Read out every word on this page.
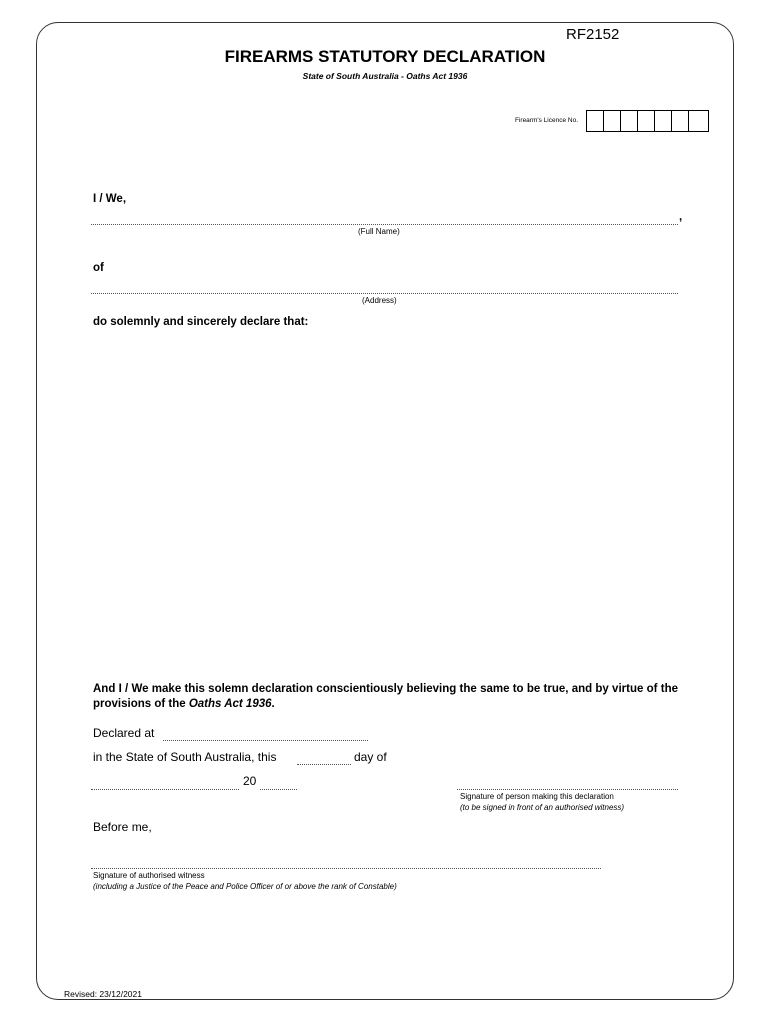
RF2152
FIREARMS STATUTORY DECLARATION
State of South Australia - Oaths Act 1936
Firearm's Licence No.
I / We,
,
(Full Name)
of
(Address)
do solemnly and sincerely declare that:
And I / We make this solemn declaration conscientiously believing the same to be true, and by virtue of the provisions of the Oaths Act 1936.
Declared at
in the State of South Australia, this	day of
20
Signature of person making this declaration
(to be signed in front of an authorised witness)
Before me,
Signature of authorised witness
(including a Justice of the Peace and Police Officer of or above the rank of Constable)
Revised: 23/12/2021
